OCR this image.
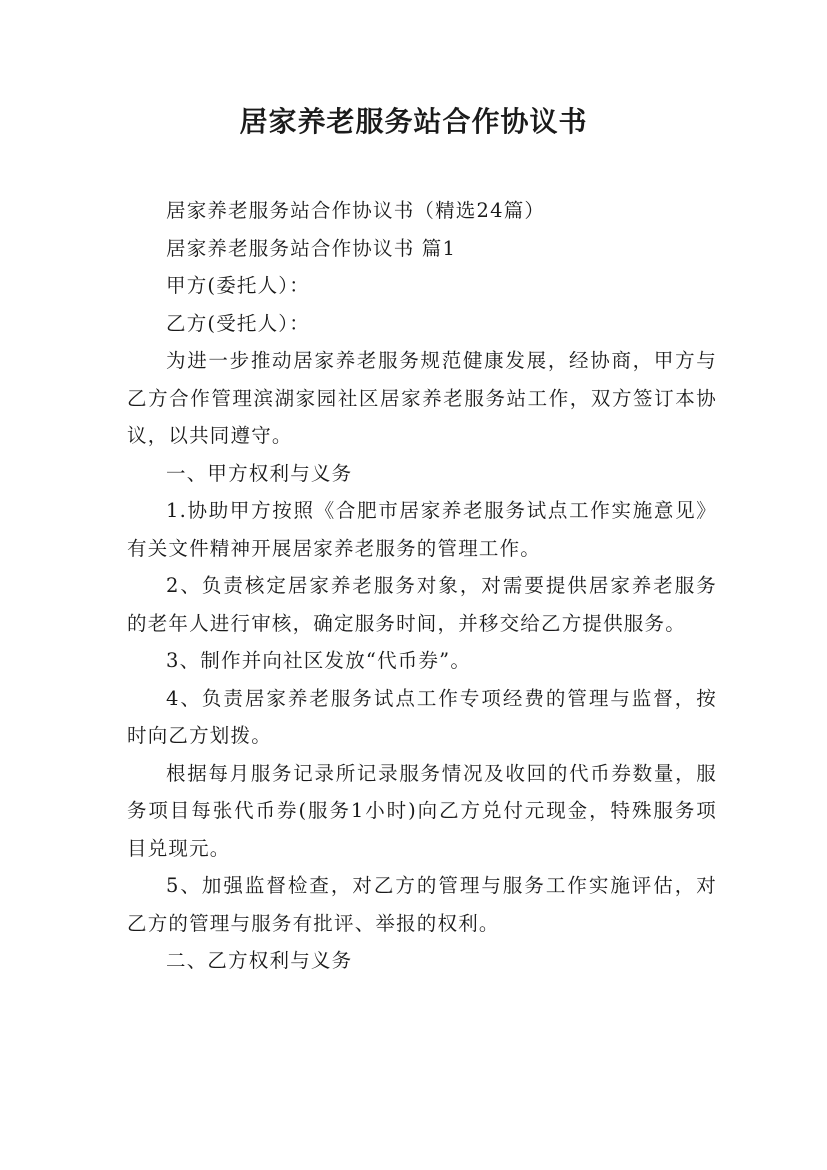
居家养老服务站合作协议书

居家养老服务站合作协议书（精选24篇）

居家养老服务站合作协议书 篇1

甲方(委托人）：

乙方(受托人）：

为进一步推动居家养老服务规范健康发展，经协商，甲方与乙方合作管理滨湖家园社区居家养老服务站工作，双方签订本协议，以共同遵守。

一、甲方权利与义务

1.协助甲方按照《合肥市居家养老服务试点工作实施意见》有关文件精神开展居家养老服务的管理工作。

2、负责核定居家养老服务对象，对需要提供居家养老服务的老年人进行审核，确定服务时间，并移交给乙方提供服务。

3、制作并向社区发放“代币券”。

4、负责居家养老服务试点工作专项经费的管理与监督，按时向乙方划拨。

根据每月服务记录所记录服务情况及收回的代币券数量，服务项目每张代币券(服务1小时)向乙方兑付元现金，特殊服务项目兑现元。

5、加强监督检查，对乙方的管理与服务工作实施评估，对乙方的管理与服务有批评、举报的权利。

二、乙方权利与义务
